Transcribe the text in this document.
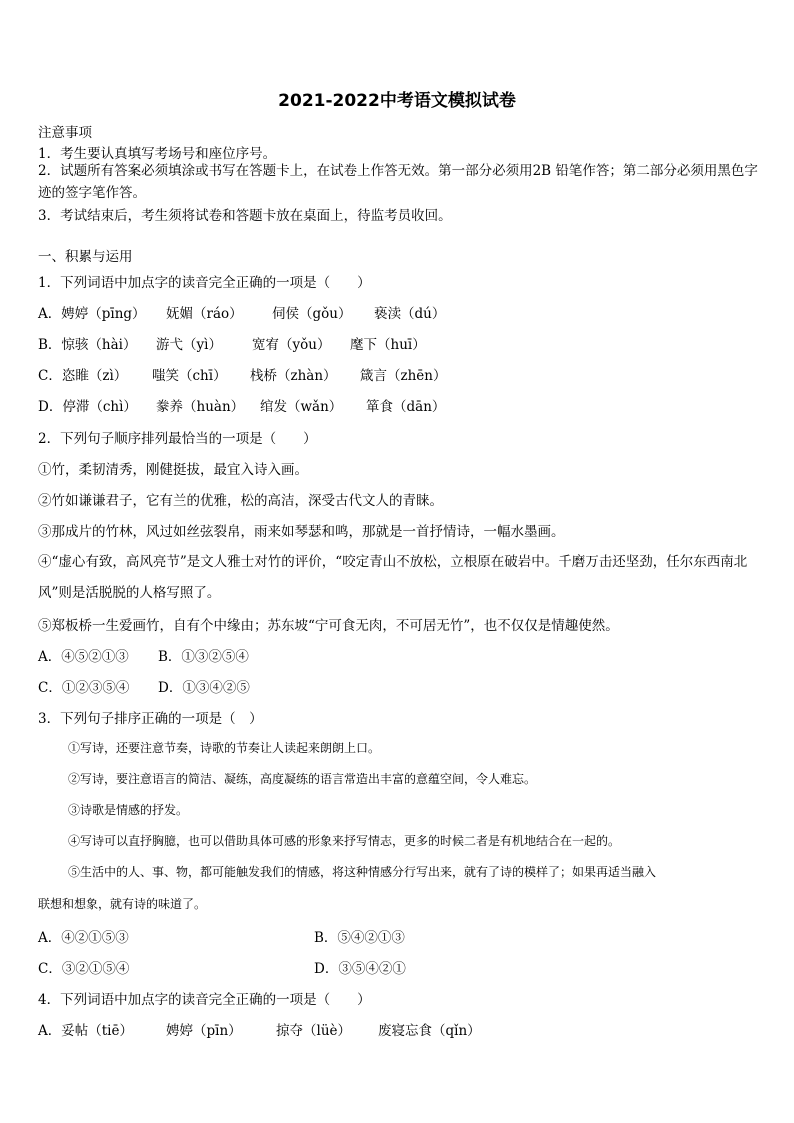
2021-2022中考语文模拟试卷
注意事项
1．考生要认真填写考场号和座位序号。
2．试题所有答案必须填涂或书写在答题卡上，在试卷上作答无效。第一部分必须用2B 铅笔作答；第二部分必须用黑色字迹的签字笔作答。
3．考试结束后，考生须将试卷和答题卡放在桌面上，待监考员收回。
一、积累与运用
1．下列词语中加点字的读音完全正确的一项是（　　）
A．娉婷（pīng） 妩媚（ráo） 伺侯（gǒu） 亵渎（dú）
B．惊骇（hài） 游弋（yì） 宽宥（yǒu） 麾下（huī）
C．恣睢（zì） 嗤笑（chī） 栈桥（zhàn） 箴言（zhēn）
D．停滞（chì） 豢养（huàn） 绾发（wǎn） 箪食（dān）
2．下列句子顺序排列最恰当的一项是（　　）
①竹，柔韧清秀，刚健挺拔，最宜入诗入画。
②竹如谦谦君子，它有兰的优雅，松的高洁，深受古代文人的青睐。
③那成片的竹林，风过如丝弦裂帛，雨来如琴瑟和鸣，那就是一首抒情诗，一幅水墨画。
④“虚心有致，高风亮节”是文人雅士对竹的评价，“咬定青山不放松，立根原在破岩中。千磨万击还坚劲，任尔东西南北风”则是活脱脱的人格写照了。
⑤郑板桥一生爱画竹，自有个中缘由；苏东坡“宁可食无肉，不可居无竹”，也不仅仅是情趣使然。
A．④⑤②①③ B．①③②⑤④
C．①②③⑤④ D．①③④②⑤
3．下列句子排序正确的一项是（　）
①写诗，还要注意节奏，诗歌的节奏让人读起来朗朗上口。
②写诗，要注意语言的简洁、凝练，高度凝练的语言常造出丰富的意蕴空间，令人难忘。
③诗歌是情感的抒发。
④写诗可以直抒胸臆，也可以借助具体可感的形象来抒写情志，更多的时候二者是有机地结合在一起的。
⑤生活中的人、事、物，都可能触发我们的情感，将这种情感分行写出来，就有了诗的模样了；如果再适当融入
联想和想象，就有诗的味道了。
A．④②①⑤③	B．⑤④②①③
C．③②①⑤④	D．③⑤④②①
4．下列词语中加点字的读音完全正确的一项是（　　）
A．妥帖（tiē） 娉婷（pīn）	掠夺（lüè） 废寝忘食（qǐn）
